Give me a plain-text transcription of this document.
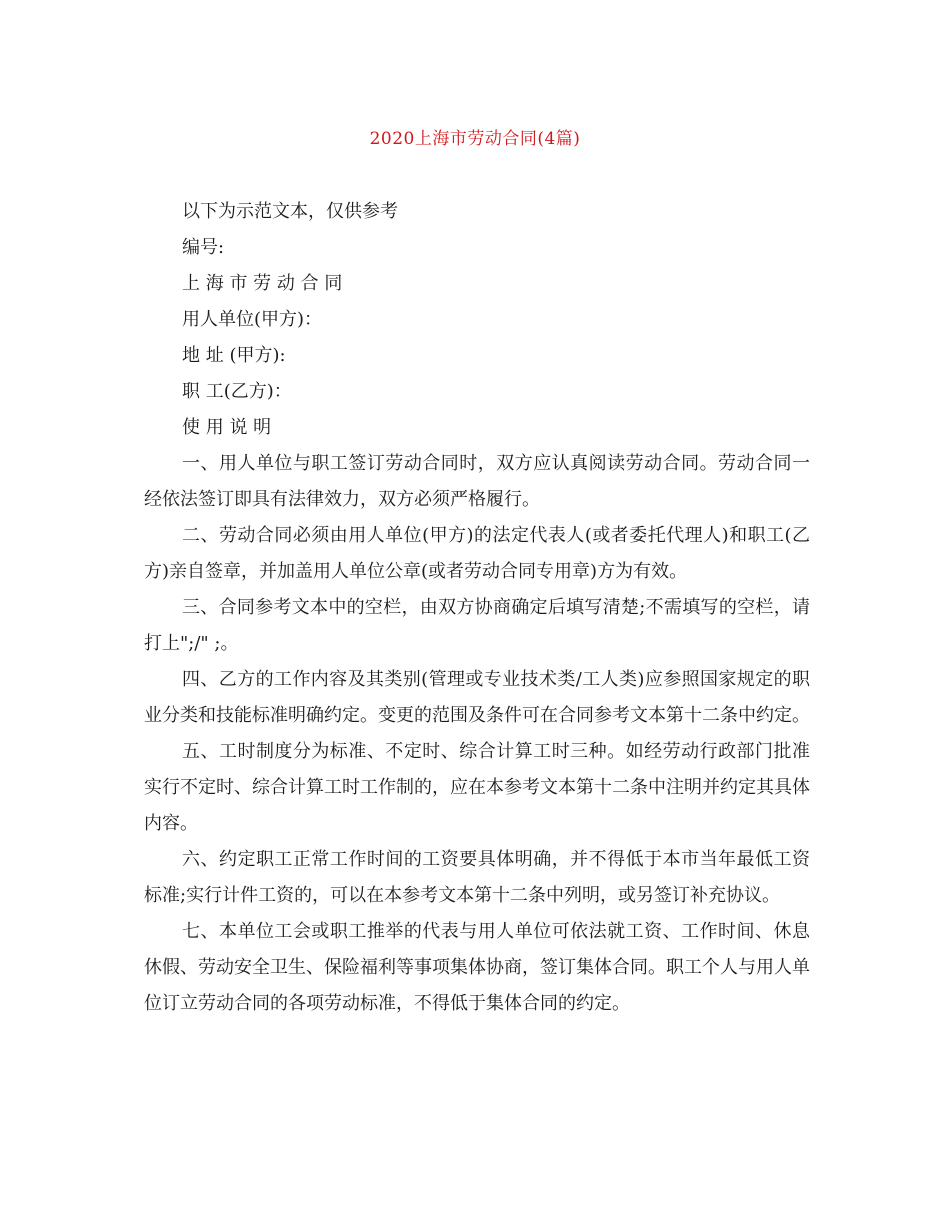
2020上海市劳动合同(4篇)
以下为示范文本，仅供参考
编号:
上 海 市 劳 动 合 同
用人单位(甲方)：
地 址 (甲方):
职 工(乙方)：
使 用 说 明
一、用人单位与职工签订劳动合同时，双方应认真阅读劳动合同。劳动合同一经依法签订即具有法律效力，双方必须严格履行。
二、劳动合同必须由用人单位(甲方)的法定代表人(或者委托代理人)和职工(乙方)亲自签章，并加盖用人单位公章(或者劳动合同专用章)方为有效。
三、合同参考文本中的空栏，由双方协商确定后填写清楚;不需填写的空栏，请打上";/" ;。
四、乙方的工作内容及其类别(管理或专业技术类/工人类)应参照国家规定的职业分类和技能标准明确约定。变更的范围及条件可在合同参考文本第十二条中约定。
五、工时制度分为标准、不定时、综合计算工时三种。如经劳动行政部门批准实行不定时、综合计算工时工作制的，应在本参考文本第十二条中注明并约定其具体内容。
六、约定职工正常工作时间的工资要具体明确，并不得低于本市当年最低工资标准;实行计件工资的，可以在本参考文本第十二条中列明，或另签订补充协议。
七、本单位工会或职工推举的代表与用人单位可依法就工资、工作时间、休息休假、劳动安全卫生、保险福利等事项集体协商，签订集体合同。职工个人与用人单位订立劳动合同的各项劳动标准，不得低于集体合同的约定。
